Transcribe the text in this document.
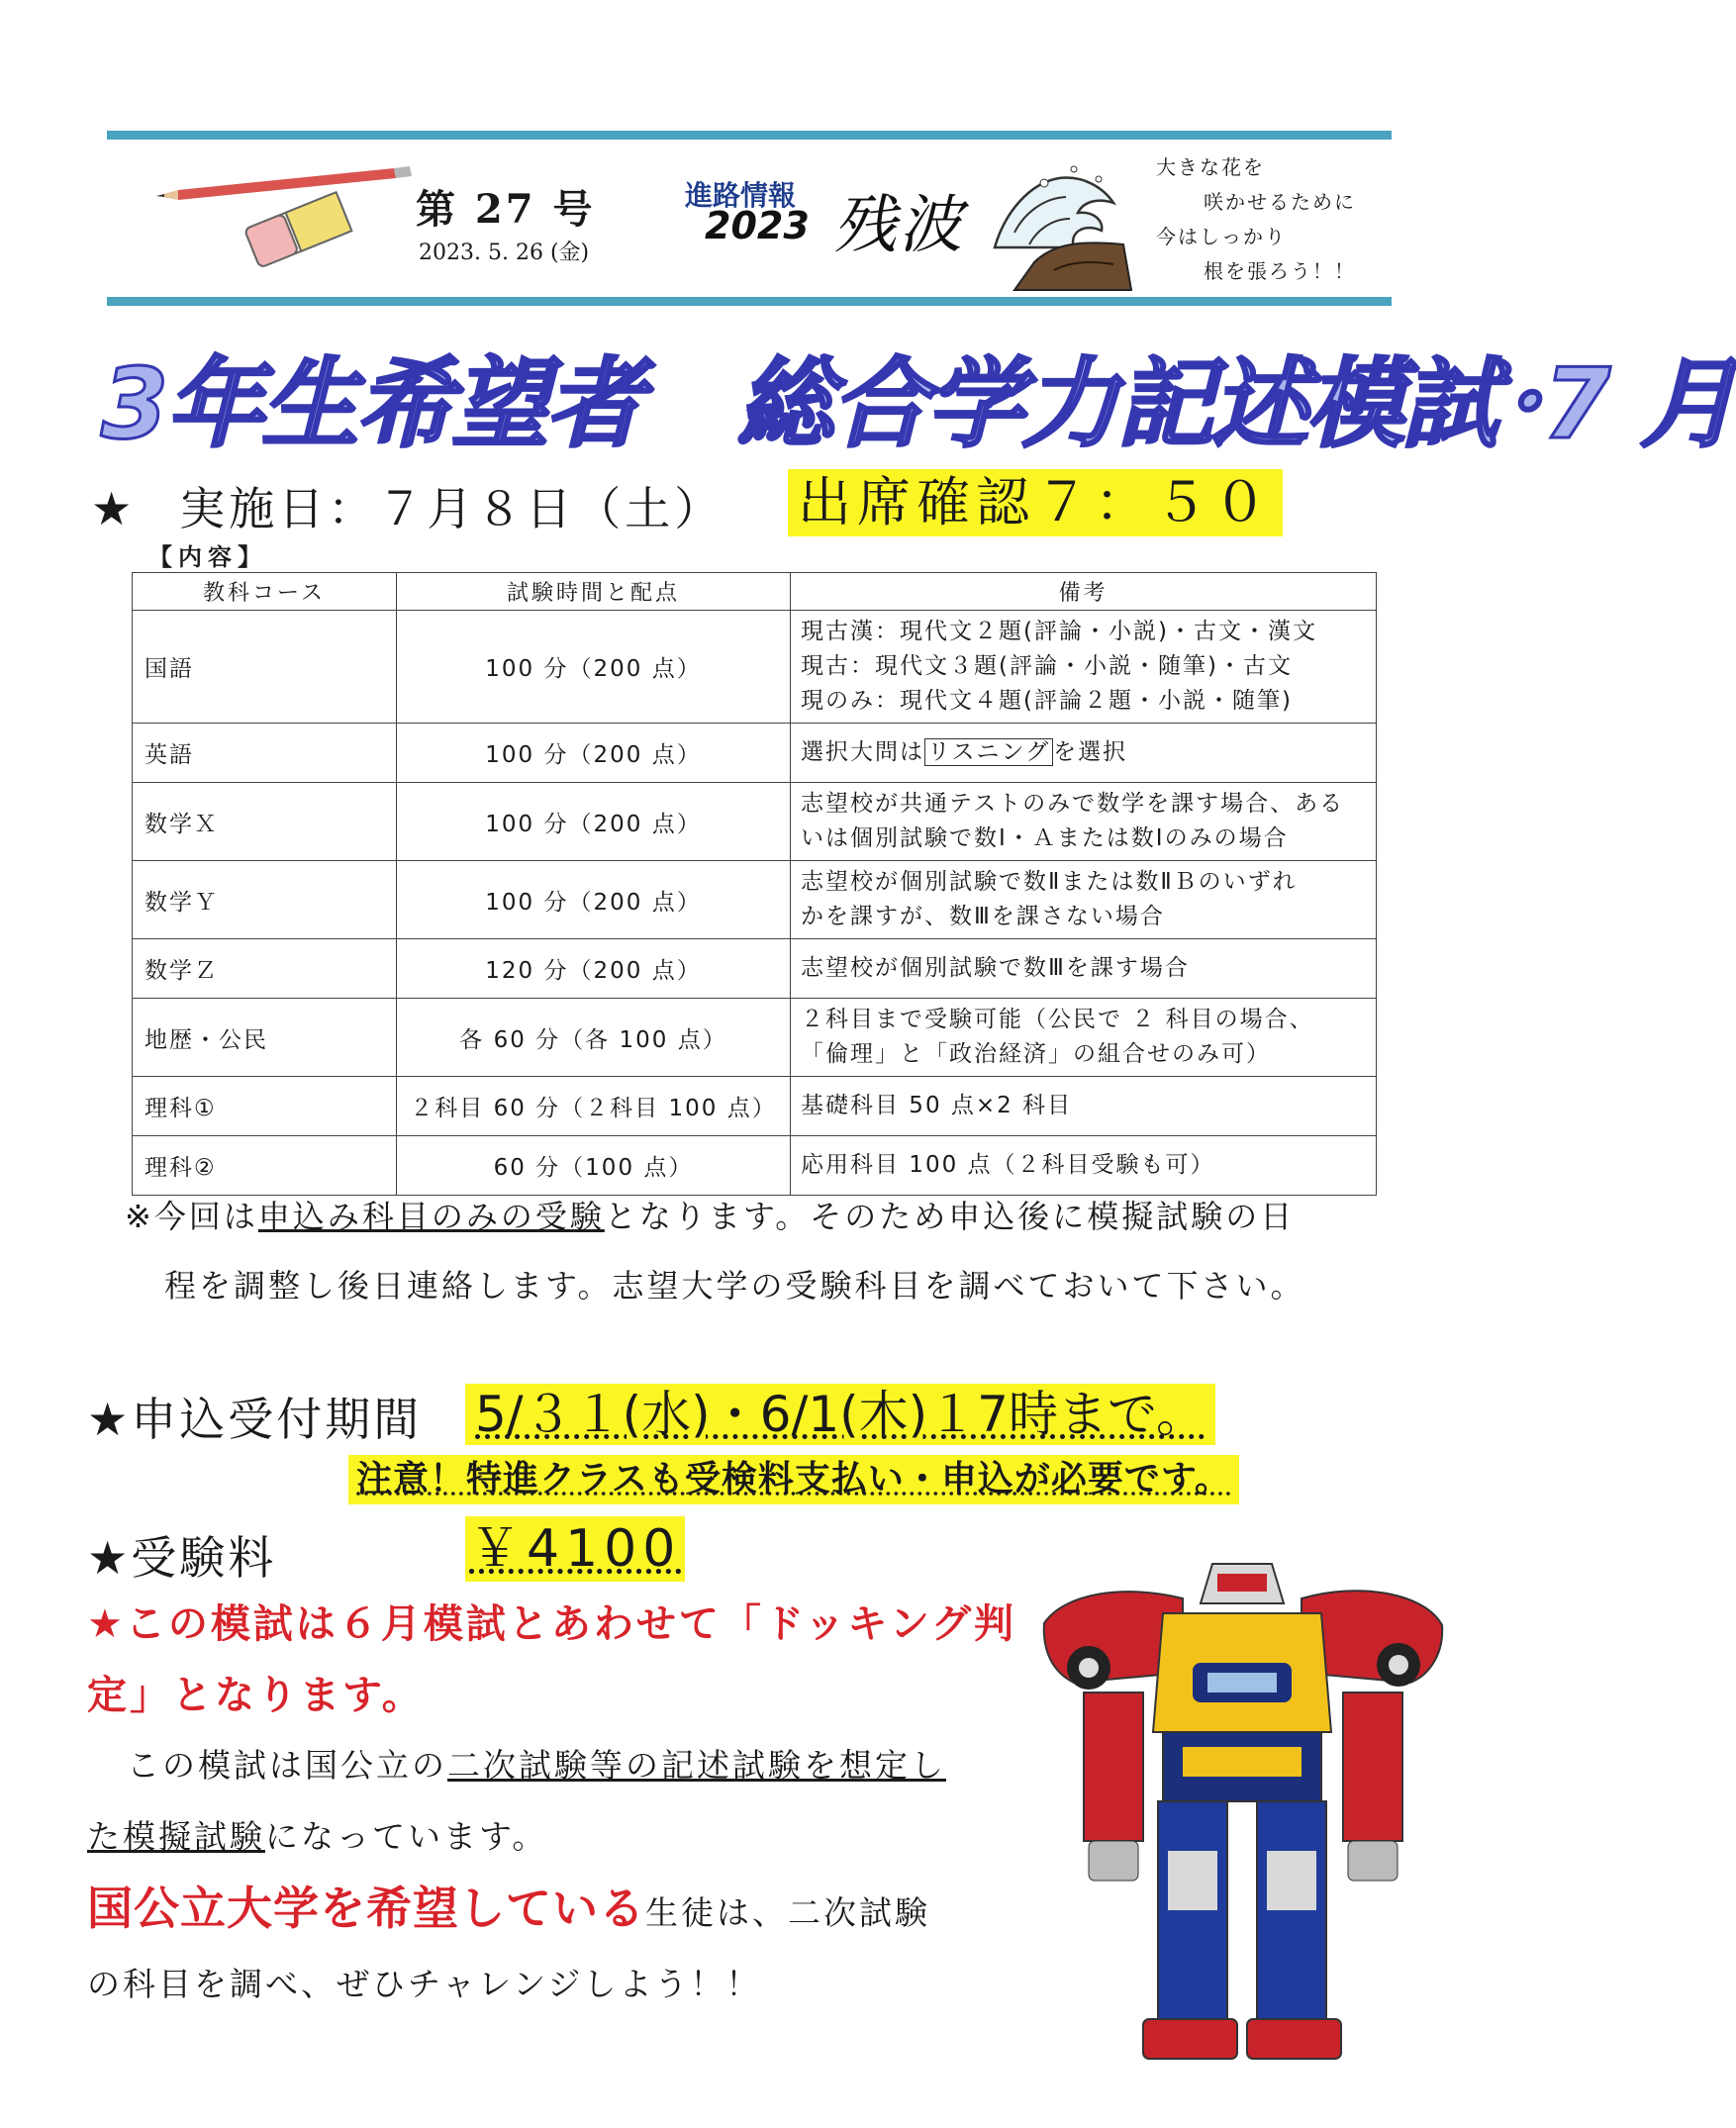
第 27 号
2023. 5. 26 (金)
進路情報
2023 残波
大きな花を
咲かせるために
今はしっかり
根を張ろう！！
3年生希望者　総合学力記述模試･7 月
★ 実施日：７月８日（土） 出席確認７：５０
【内容】
教科コース	試験時間と配点	備考
国語	100 分（200 点）	現古漢：現代文２題(評論・小説)・古文・漢文
現古：現代文３題(評論・小説・随筆)・古文
現のみ：現代文４題(評論２題・小説・随筆)

英語	100 分（200 点）	選択大問は リスニング を選択
数学Ｘ	100 分（200 点）	志望校が共通テストのみで数学を課す場合、ある
いは個別試験で数Ⅰ・Ａまたは数Ⅰのみの場合

数学Ｙ	100 分（200 点）	志望校が個別試験で数Ⅱまたは数ⅡＢのいずれ
かを課すが、数Ⅲを課さない場合

数学Ｚ	120 分（200 点）	志望校が個別試験で数Ⅲを課す場合

地歴・公民	各 60 分（各 100 点）	２科目まで受験可能（公民で ２ 科目の場合、
「倫理」と「政治経済」の組合せのみ可）

理科①	２科目 60 分（２科目 100 点）	基礎科目 50 点×2 科目

理科②	60 分（100 点）	応用科目 100 点（２科目受験も可）
※今回は申込み科目のみの受験となります。そのため申込後に模擬試験の日
程を調整し後日連絡します。志望大学の受験科目を調べておいて下さい。
★申込受付期間 5/３１(水)・6/1(木)１7時まで。
注意！特進クラスも受検料支払い・申込が必要です。
★受験料	￥4100
★この模試は６月模試とあわせて「ドッキング判
定」となります。
この模試は国公立の二次試験等の記述試験を想定し
た模擬試験になっています。
国公立大学を希望している生徒は、二次試験
の科目を調べ、ぜひチャレンジしよう！！
